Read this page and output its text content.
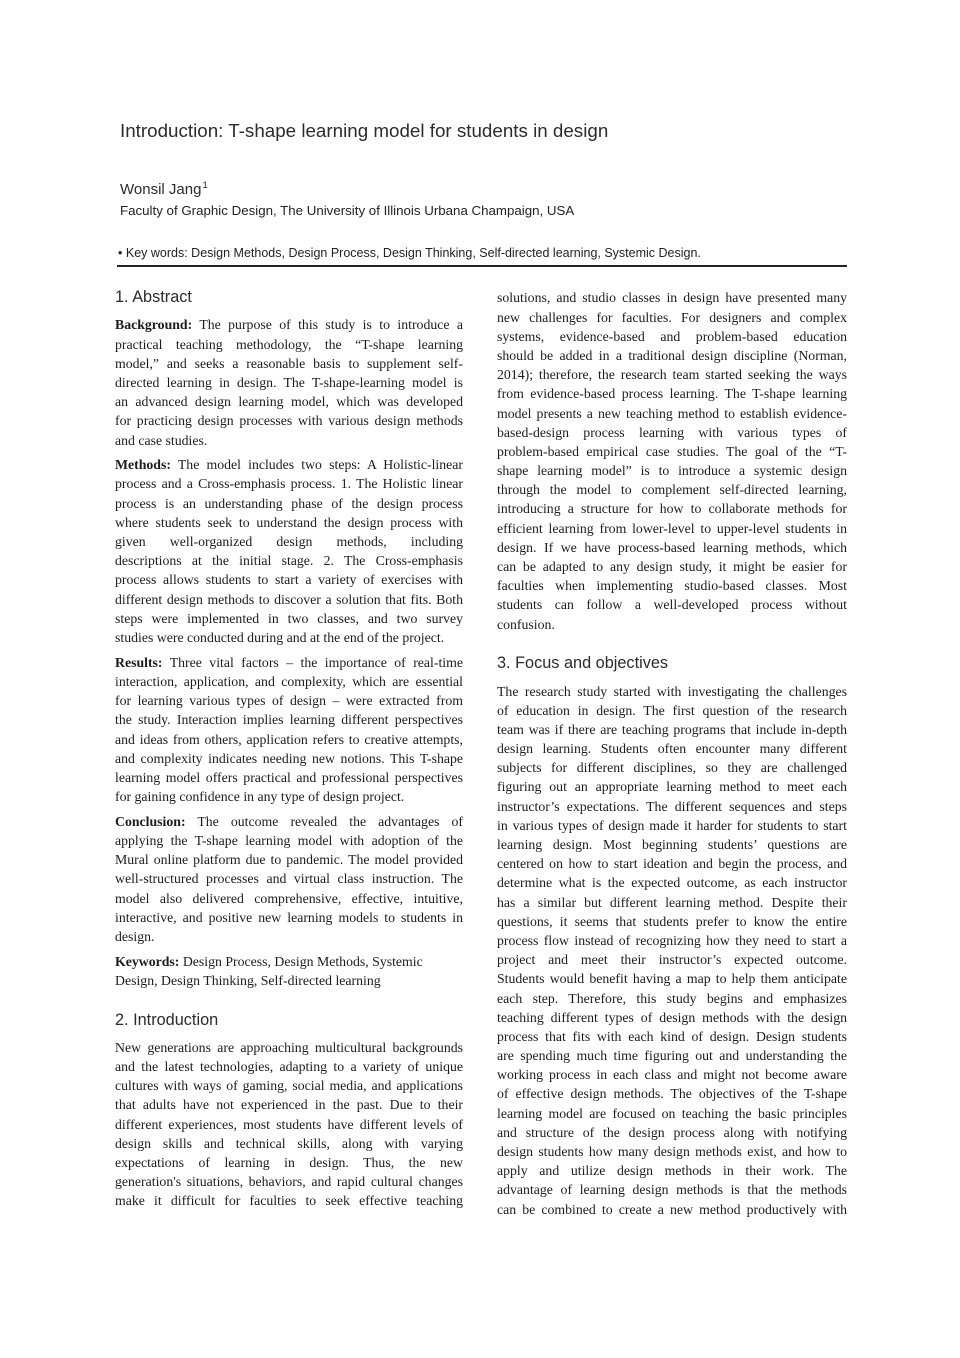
Introduction: T-shape learning model for students in design
Wonsil Jang$^1$
Faculty of Graphic Design, The University of Illinois Urbana Champaign, USA
• Key words: Design Methods, Design Process, Design Thinking, Self-directed learning, Systemic Design.
1. Abstract
Background: The purpose of this study is to introduce a
practical teaching methodology, the “T-shape learning
model,” and seeks a reasonable basis to supplement self-
directed learning in design. The T-shape-learning model is
an advanced design learning model, which was developed
for practicing design processes with various design methods
and case studies.
Methods: The model includes two steps: A Holistic-linear
process and a Cross-emphasis process. 1. The Holistic linear
process is an understanding phase of the design process
where students seek to understand the design process with
given well-organized design methods, including
descriptions at the initial stage. 2. The Cross-emphasis
process allows students to start a variety of exercises with
different design methods to discover a solution that fits. Both
steps were implemented in two classes, and two survey
studies were conducted during and at the end of the project.
Results: Three vital factors – the importance of real-time
interaction, application, and complexity, which are essential
for learning various types of design – were extracted from
the study. Interaction implies learning different perspectives
and ideas from others, application refers to creative attempts,
and complexity indicates needing new notions. This T-shape
learning model offers practical and professional perspectives
for gaining confidence in any type of design project.
Conclusion: The outcome revealed the advantages of
applying the T-shape learning model with adoption of the
Mural online platform due to pandemic. The model provided
well-structured processes and virtual class instruction. The
model also delivered comprehensive, effective, intuitive,
interactive, and positive new learning models to students in
design.
Keywords: Design Process, Design Methods, Systemic
Design, Design Thinking, Self-directed learning
2. Introduction
New generations are approaching multicultural backgrounds
and the latest technologies, adapting to a variety of unique
cultures with ways of gaming, social media, and applications
that adults have not experienced in the past. Due to their
different experiences, most students have different levels of
design skills and technical skills, along with varying
expectations of learning in design. Thus, the new
generation's situations, behaviors, and rapid cultural changes
make it difficult for faculties to seek effective teaching
solutions, and studio classes in design have presented many
new challenges for faculties. For designers and complex
systems, evidence-based and problem-based education
should be added in a traditional design discipline (Norman,
2014); therefore, the research team started seeking the ways
from evidence-based process learning. The T-shape learning
model presents a new teaching method to establish evidence-
based-design process learning with various types of
problem-based empirical case studies. The goal of the “T-
shape learning model” is to introduce a systemic design
through the model to complement self-directed learning,
introducing a structure for how to collaborate methods for
efficient learning from lower-level to upper-level students in
design. If we have process-based learning methods, which
can be adapted to any design study, it might be easier for
faculties when implementing studio-based classes. Most
students can follow a well-developed process without
confusion.
3. Focus and objectives
The research study started with investigating the challenges
of education in design. The first question of the research
team was if there are teaching programs that include in-depth
design learning. Students often encounter many different
subjects for different disciplines, so they are challenged
figuring out an appropriate learning method to meet each
instructor’s expectations. The different sequences and steps
in various types of design made it harder for students to start
learning design. Most beginning students’ questions are
centered on how to start ideation and begin the process, and
determine what is the expected outcome, as each instructor
has a similar but different learning method. Despite their
questions, it seems that students prefer to know the entire
process flow instead of recognizing how they need to start a
project and meet their instructor’s expected outcome.
Students would benefit having a map to help them anticipate
each step. Therefore, this study begins and emphasizes
teaching different types of design methods with the design
process that fits with each kind of design. Design students
are spending much time figuring out and understanding the
working process in each class and might not become aware
of effective design methods. The objectives of the T-shape
learning model are focused on teaching the basic principles
and structure of the design process along with notifying
design students how many design methods exist, and how to
apply and utilize design methods in their work. The
advantage of learning design methods is that the methods
can be combined to create a new method productively with
